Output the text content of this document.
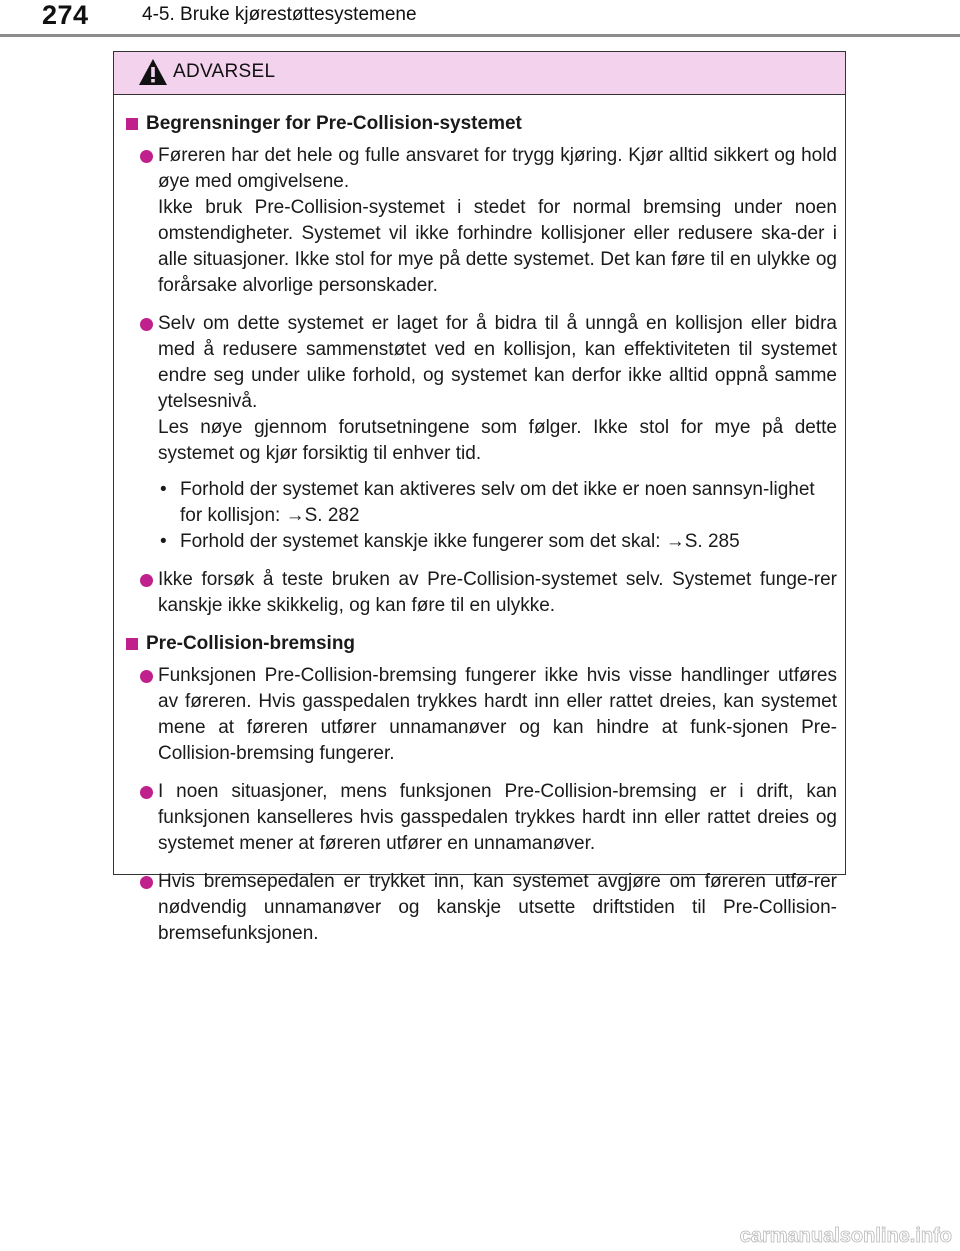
274	4-5. Bruke kjørestøttesystemene
ADVARSEL
Begrensninger for Pre-Collision-systemet

Føreren har det hele og fulle ansvaret for trygg kjøring. Kjør alltid sikkert og hold øye med omgivelsene.

Ikke bruk Pre-Collision-systemet i stedet for normal bremsing under noen omstendigheter. Systemet vil ikke forhindre kollisjoner eller redusere ska-der i alle situasjoner. Ikke stol for mye på dette systemet. Det kan føre til en ulykke og forårsake alvorlige personskader.

Selv om dette systemet er laget for å bidra til å unngå en kollisjon eller bidra med å redusere sammenstøtet ved en kollisjon, kan effektiviteten til systemet endre seg under ulike forhold, og systemet kan derfor ikke alltid oppnå samme ytelsesnivå.

Les nøye gjennom forutsetningene som følger. Ikke stol for mye på dette systemet og kjør forsiktig til enhver tid.

• Forhold der systemet kan aktiveres selv om det ikke er noen sannsyn-lighet for kollisjon: →S. 282
• Forhold der systemet kanskje ikke fungerer som det skal: →S. 285

Ikke forsøk å teste bruken av Pre-Collision-systemet selv. Systemet funge-rer kanskje ikke skikkelig, og kan føre til en ulykke.

Pre-Collision-bremsing

Funksjonen Pre-Collision-bremsing fungerer ikke hvis visse handlinger utføres av føreren. Hvis gasspedalen trykkes hardt inn eller rattet dreies, kan systemet mene at føreren utfører unnamanøver og kan hindre at funk-sjonen Pre-Collision-bremsing fungerer.

I noen situasjoner, mens funksjonen Pre-Collision-bremsing er i drift, kan funksjonen kanselleres hvis gasspedalen trykkes hardt inn eller rattet dreies og systemet mener at føreren utfører en unnamanøver.

Hvis bremsepedalen er trykket inn, kan systemet avgjøre om føreren utfø-rer nødvendig unnamanøver og kanskje utsette driftstiden til Pre-Collision-bremsefunksjonen.

carmanualsonline.info
